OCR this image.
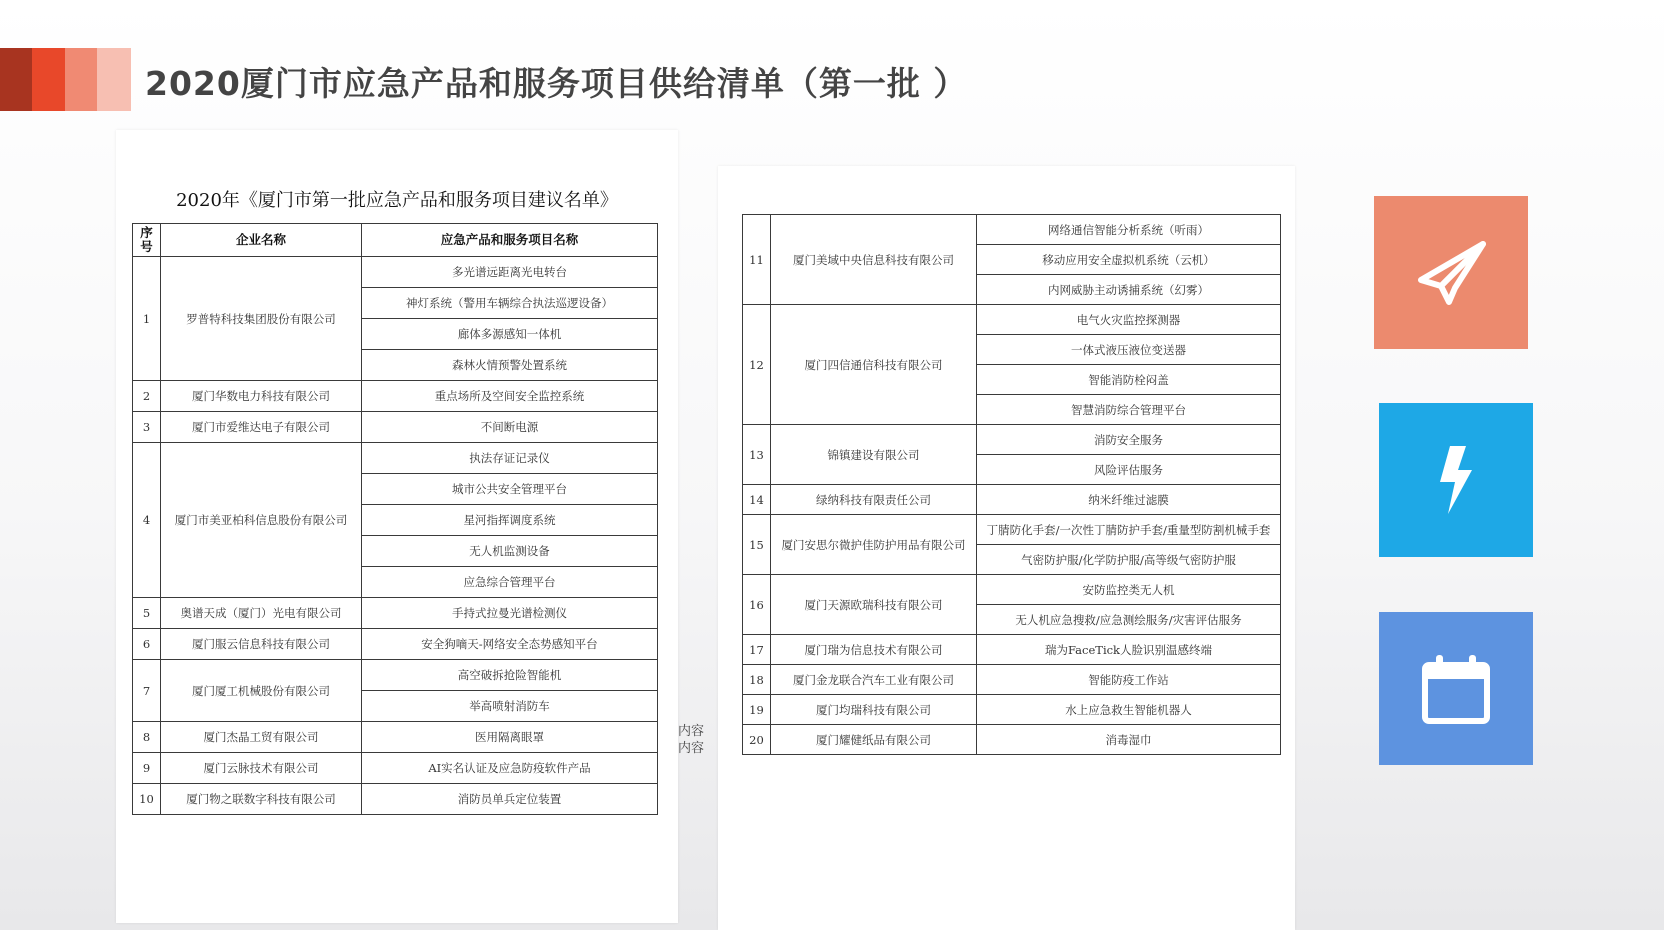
2020厦门市应急产品和服务项目供给清单（第一批 ）
2020年《厦门市第一批应急产品和服务项目建议名单》
序号	企业名称	应急产品和服务项目名称
1	罗普特科技集团股份有限公司	多光谱远距离光电转台
		神灯系统（警用车辆综合执法巡逻设备）
		廊体多源感知一体机
		森林火情预警处置系统
2	厦门华数电力科技有限公司	重点场所及空间安全监控系统
3	厦门市爱维达电子有限公司	不间断电源
4	厦门市美亚柏科信息股份有限公司	执法存证记录仪
		城市公共安全管理平台
		星河指挥调度系统
		无人机监测设备
		应急综合管理平台
5	奥谱天成（厦门）光电有限公司	手持式拉曼光谱检测仪
6	厦门服云信息科技有限公司	安全狗嘀天-网络安全态势感知平台
7	厦门厦工机械股份有限公司	高空破拆抢险智能机
		举高喷射消防车
8	厦门杰晶工贸有限公司	医用隔离眼罩
9	厦门云脉技术有限公司	AI实名认证及应急防疫软件产品
10	厦门物之联数字科技有限公司	消防员单兵定位装置
11	厦门美域中央信息科技有限公司	网络通信智能分析系统（听雨）
		移动应用安全虚拟机系统（云机）
		内网威胁主动诱捕系统（幻雾）
12	厦门四信通信科技有限公司	电气火灾监控探测器
		一体式液压液位变送器
		智能消防栓闷盖
		智慧消防综合管理平台
13	锦镇建设有限公司	消防安全服务
		风险评估服务
14	绿纳科技有限责任公司	纳米纤维过滤膜
15	厦门安思尔微护佳防护用品有限公司	丁腈防化手套/一次性丁腈防护手套/重量型防割机械手套
		气密防护服/化学防护服/高等级气密防护服
16	厦门天源欧瑞科技有限公司	安防监控类无人机
		无人机应急搜救/应急测绘服务/灾害评估服务
17	厦门瑞为信息技术有限公司	瑞为FaceTick人脸识别温感终端
18	厦门金龙联合汽车工业有限公司	智能防疫工作站
19	厦门均瑞科技有限公司	水上应急救生智能机器人
20	厦门耀健纸品有限公司	消毒湿巾
内容
内容
